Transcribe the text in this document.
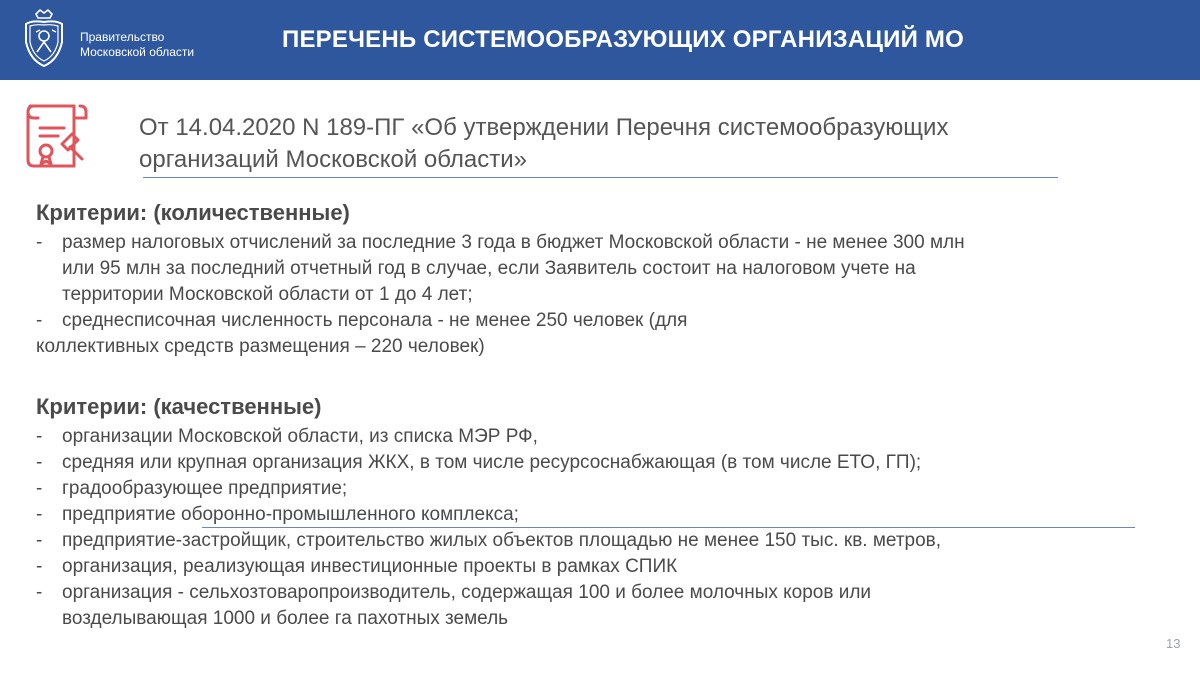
Правительство
Московской области	ПЕРЕЧЕНЬ СИСТЕМООБРАЗУЮЩИХ ОРГАНИЗАЦИЙ МО
От 14.04.2020 N 189-ПГ «Об утверждении Перечня системообразующих
организаций Московской области»
Критерии: (количественные)
- размер налоговых отчислений за последние 3 года в бюджет Московской области - не менее 300 млн
или 95 млн за последний отчетный год в случае, если Заявитель состоит на налоговом учете на
территории Московской области от 1 до 4 лет;
- среднесписочная численность персонала - не менее 250 человек (для
коллективных средств размещения – 220 человек)
Критерии: (качественные)
- организации Московской области, из списка МЭР РФ,
- средняя или крупная организация ЖКХ, в том числе ресурсоснабжающая (в том числе ЕТО, ГП);
- градообразующее предприятие;
- предприятие оборонно-промышленного комплекса;
- предприятие-застройщик, строительство жилых объектов площадью не менее 150 тыс. кв. метров,
- организация, реализующая инвестиционные проекты в рамках СПИК
- организация - сельхозтоваропроизводитель, содержащая 100 и более молочных коров или
возделывающая 1000 и более га пахотных земель
13
